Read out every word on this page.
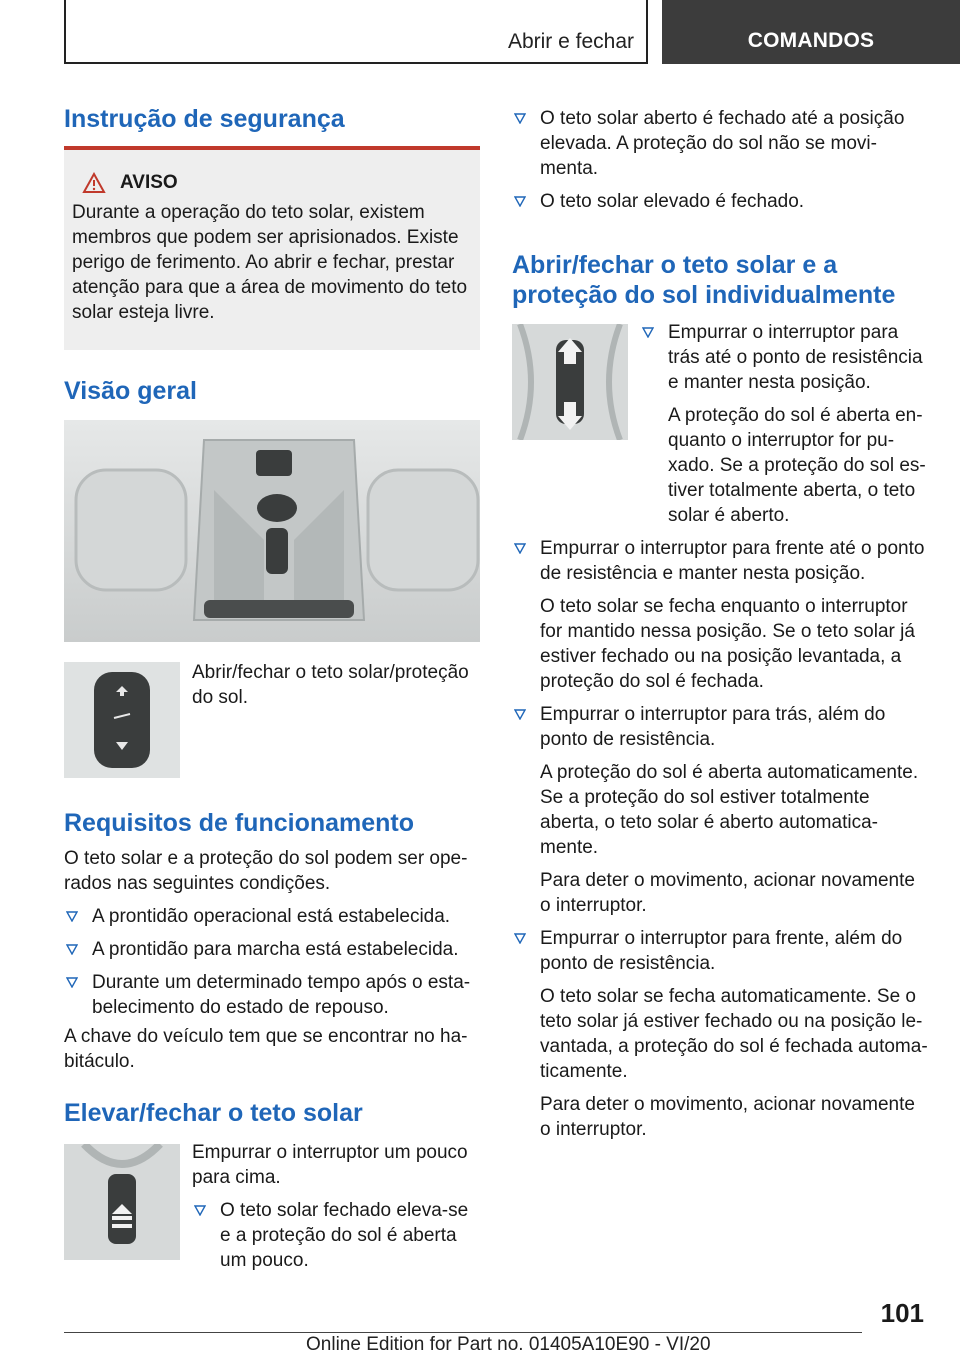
Abrir e fechar	COMANDOS
Instrução de segurança
AVISO

Durante a operação do teto solar, existem membros que podem ser aprisionados. Existe perigo de ferimento. Ao abrir e fechar, prestar atenção para que a área de movimento do teto solar esteja livre.

Visão geral

Abrir/fechar o teto solar/proteção do sol.

Requisitos de funcionamento

O teto solar e a proteção do sol podem ser ope-rados nas seguintes condições.

A prontidão operacional está estabelecida.
A prontidão para marcha está estabelecida.
Durante um determinado tempo após o esta-belecimento do estado de repouso.

A chave do veículo tem que se encontrar no ha-bitáculo.

Elevar/fechar o teto solar

Empurrar o interruptor um pouco para cima.

O teto solar fechado eleva-se e a proteção do sol é aberta um pouco.
O teto solar aberto é fechado até a posição elevada. A proteção do sol não se movi-menta.
O teto solar elevado é fechado.
Abrir/fechar o teto solar e a proteção do sol individualmente
Empurrar o interruptor para trás até o ponto de resistência e manter nesta posição.

A proteção do sol é aberta en-quanto o interruptor for pu-xado. Se a proteção do sol es-tiver totalmente aberta, o teto solar é aberto.

Empurrar o interruptor para frente até o ponto de resistência e manter nesta posição.

O teto solar se fecha enquanto o interruptor for mantido nessa posição. Se o teto solar já estiver fechado ou na posição levantada, a proteção do sol é fechada.

Empurrar o interruptor para trás, além do ponto de resistência.

A proteção do sol é aberta automaticamente. Se a proteção do sol estiver totalmente aberta, o teto solar é aberto automatica-mente.

Para deter o movimento, acionar novamente o interruptor.

Empurrar o interruptor para frente, além do ponto de resistência.

O teto solar se fecha automaticamente. Se o teto solar já estiver fechado ou na posição le-vantada, a proteção do sol é fechada automa-ticamente.

Para deter o movimento, acionar novamente o interruptor.

101
Online Edition for Part no. 01405A10E90 - VI/20
